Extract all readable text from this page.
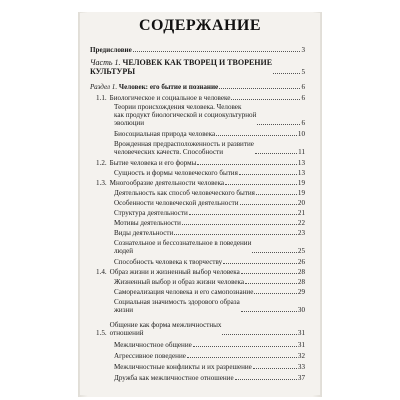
СОДЕРЖАНИЕ
Предисловие	3
Часть 1. ЧЕЛОВЕК КАК ТВОРЕЦ И ТВОРЕНИЕ
КУЛЬТУРЫ	5
Раздел 1. Человек: его бытие и познание	6
1.1. Биологическое и социальное в человеке	6
Теории происхождения человека. Человек
как продукт биологической и социокультурной
эволюции	6
Биосоциальная природа человека	10
Врожденная предрасположенность и развитие
человеческих качеств. Способности	11
1.2. Бытие человека и его формы	13
Сущность и формы человеческого бытия	13
1.3. Многообразие деятельности человека	19
Деятельность как способ человеческого бытия	19
Особенности человеческой деятельности	20
Структура деятельности	21
Мотивы деятельности	22
Виды деятельности	23
Сознательное и бессознательное в поведении
людей	25
Способность человека к творчеству	26
1.4. Образ жизни и жизненный выбор человека	28
Жизненный выбор и образ жизни человека	28
Самореализация человека и его самопознание	29
Социальная значимость здорового образа
жизни	30
1.5.
Общение как форма межличностных
отношений	31
Межличностное общение	31
Агрессивное поведение	32
Межличностные конфликты и их разрешение	33
Дружба как межличностное отношение	37
